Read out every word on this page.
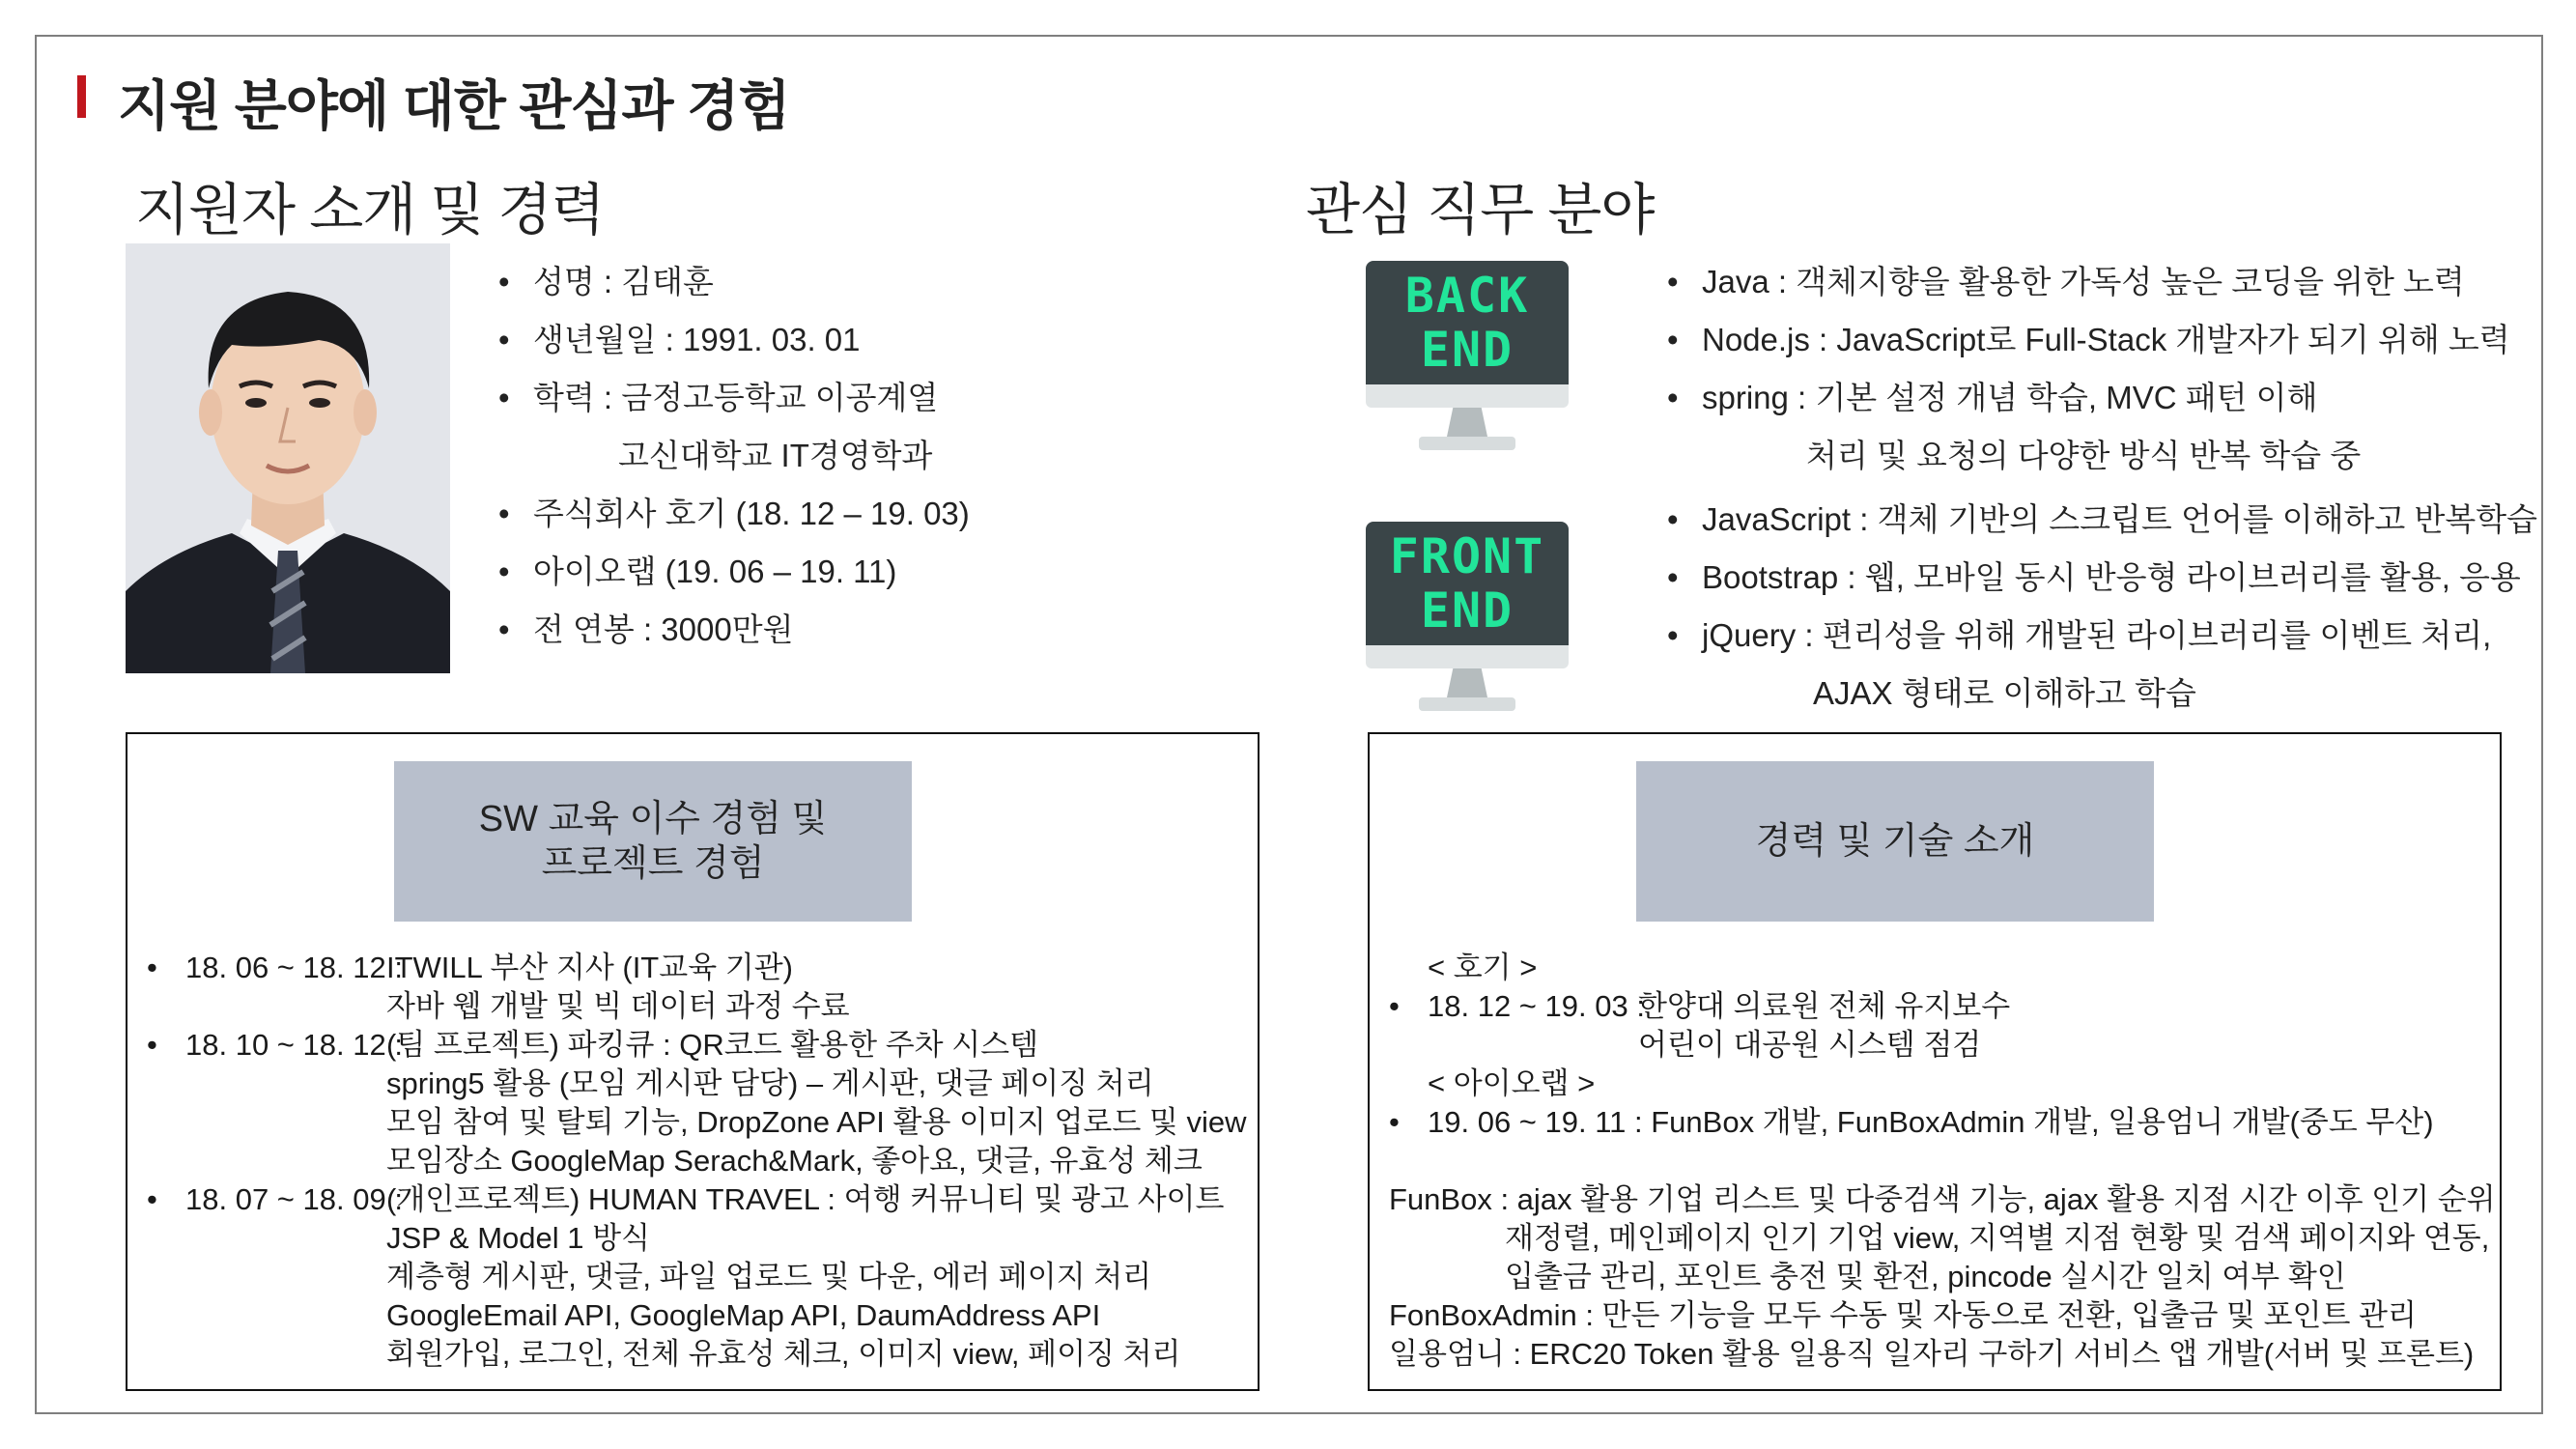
지원 분야에 대한 관심과 경험
지원자 소개 및 경력
• 성명 : 김태훈
• 생년월일 : 1991. 03. 01
• 학력 : 금정고등학교 이공계열
고신대학교 IT경영학과
• 주식회사 호기 (18. 12 – 19. 03)
• 아이오랩 (19. 06 – 19. 11)
• 전 연봉 : 3000만원
관심 직무 분야
BACK
END
FRONT
END
• Java : 객체지향을 활용한 가독성 높은 코딩을 위한 노력
• Node.js : JavaScript로 Full-Stack 개발자가 되기 위해 노력
• spring : 기본 설정 개념 학습, MVC 패턴 이해
처리 및 요청의 다양한 방식 반복 학습 중
• JavaScript : 객체 기반의 스크립트 언어를 이해하고 반복학습
• Bootstrap : 웹, 모바일 동시 반응형 라이브러리를 활용, 응용
• jQuery : 편리성을 위해 개발된 라이브러리를 이벤트 처리,
AJAX 형태로 이해하고 학습
SW 교육 이수 경험 및
프로젝트 경험
• 18. 06 ~ 18. 12 :
ITWILL 부산 지사 (IT교육 기관)
자바 웹 개발 및 빅 데이터 과정 수료
• 18. 10 ~ 18. 12 :
(팀 프로젝트) 파킹큐 : QR코드 활용한 주차 시스템
spring5 활용 (모임 게시판 담당) – 게시판, 댓글 페이징 처리
모임 참여 및 탈퇴 기능, DropZone API 활용 이미지 업로드 및 view
모임장소 GoogleMap Serach&Mark, 좋아요, 댓글, 유효성 체크
• 18. 07 ~ 18. 09 :
(개인프로젝트) HUMAN TRAVEL : 여행 커뮤니티 및 광고 사이트
JSP & Model 1 방식
계층형 게시판, 댓글, 파일 업로드 및 다운, 에러 페이지 처리
GoogleEmail API, GoogleMap API, DaumAddress API
회원가입, 로그인, 전체 유효성 체크, 이미지 view, 페이징 처리
경력 및 기술 소개
< 호기 >
• 18. 12 ~ 19. 03 :
한양대 의료원 전체 유지보수
어린이 대공원 시스템 점검
< 아이오랩 >
• 19. 06 ~ 19. 11 : FunBox 개발, FunBoxAdmin 개발, 일용엄니 개발(중도 무산)
FunBox : ajax 활용 기업 리스트 및 다중검색 기능, ajax 활용 지점 시간 이후 인기 순위
재정렬, 메인페이지 인기 기업 view, 지역별 지점 현황 및 검색 페이지와 연동,
입출금 관리, 포인트 충전 및 환전, pincode 실시간 일치 여부 확인
FonBoxAdmin : 만든 기능을 모두 수동 및 자동으로 전환, 입출금 및 포인트 관리
일용엄니 : ERC20 Token 활용 일용직 일자리 구하기 서비스 앱 개발(서버 및 프론트)
